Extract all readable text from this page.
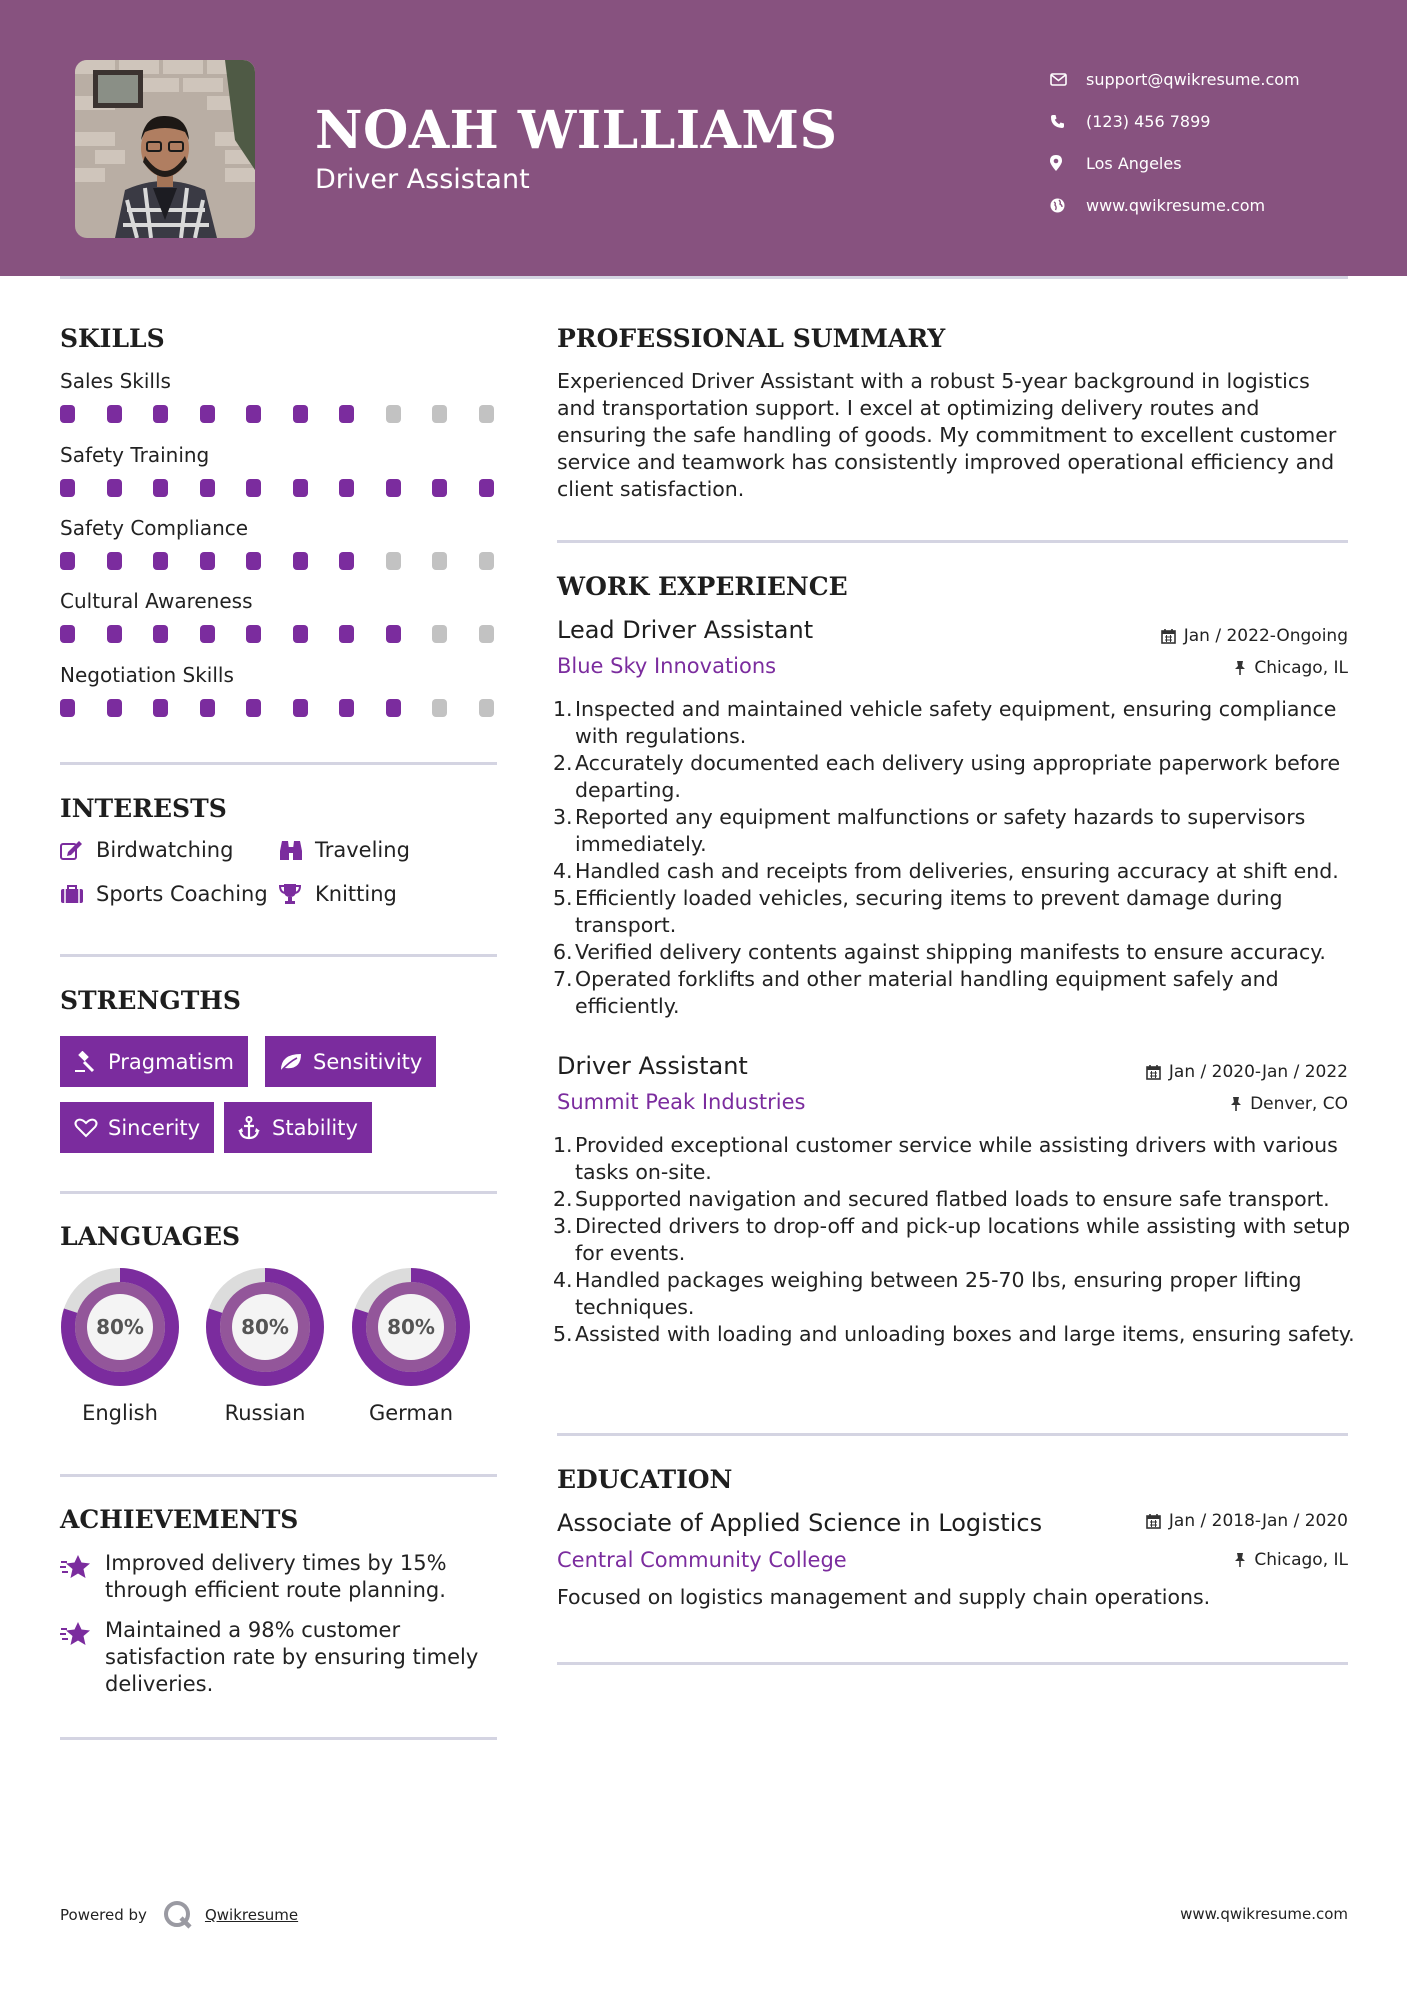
NOAH WILLIAMS
Driver Assistant
support@qwikresume.com
(123) 456 7899
Los Angeles
www.qwikresume.com
SKILLS
Sales Skills
Safety Training
Safety Compliance
Cultural Awareness
Negotiation Skills
INTERESTS
Birdwatching	Traveling
Sports Coaching Knitting
STRENGTHS
Pragmatism	Sensitivity
Sincerity	Stability
LANGUAGES
80%
English
80%
Russian
80%
German
ACHIEVEMENTS
Improved delivery times by 15% through efficient route planning.
Maintained a 98% customer satisfaction rate by ensuring timely deliveries.
PROFESSIONAL SUMMARY
Experienced Driver Assistant with a robust 5-year background in logistics and transportation support. I excel at optimizing delivery routes and ensuring the safe handling of goods. My commitment to excellent customer service and teamwork has consistently improved operational efficiency and client satisfaction.
WORK EXPERIENCE
Lead Driver Assistant	Jan / 2022-Ongoing
Blue Sky Innovations	Chicago, IL
1. Inspected and maintained vehicle safety equipment, ensuring compliance with regulations.
2. Accurately documented each delivery using appropriate paperwork before departing.
3. Reported any equipment malfunctions or safety hazards to supervisors immediately.
4. Handled cash and receipts from deliveries, ensuring accuracy at shift end.
5. Efficiently loaded vehicles, securing items to prevent damage during transport.
6. Verified delivery contents against shipping manifests to ensure accuracy.
7. Operated forklifts and other material handling equipment safely and efficiently.
Driver Assistant	Jan / 2020-Jan / 2022
Summit Peak Industries	Denver, CO
1. Provided exceptional customer service while assisting drivers with various tasks on-site.
2. Supported navigation and secured flatbed loads to ensure safe transport.
3. Directed drivers to drop-off and pick-up locations while assisting with setup for events.
4. Handled packages weighing between 25-70 lbs, ensuring proper lifting techniques.
5. Assisted with loading and unloading boxes and large items, ensuring safety.
EDUCATION
Associate of Applied Science in Logistics	Jan / 2018-Jan / 2020
Central Community College	Chicago, IL
Focused on logistics management and supply chain operations.
Powered by	Qwikresume	www.qwikresume.com
